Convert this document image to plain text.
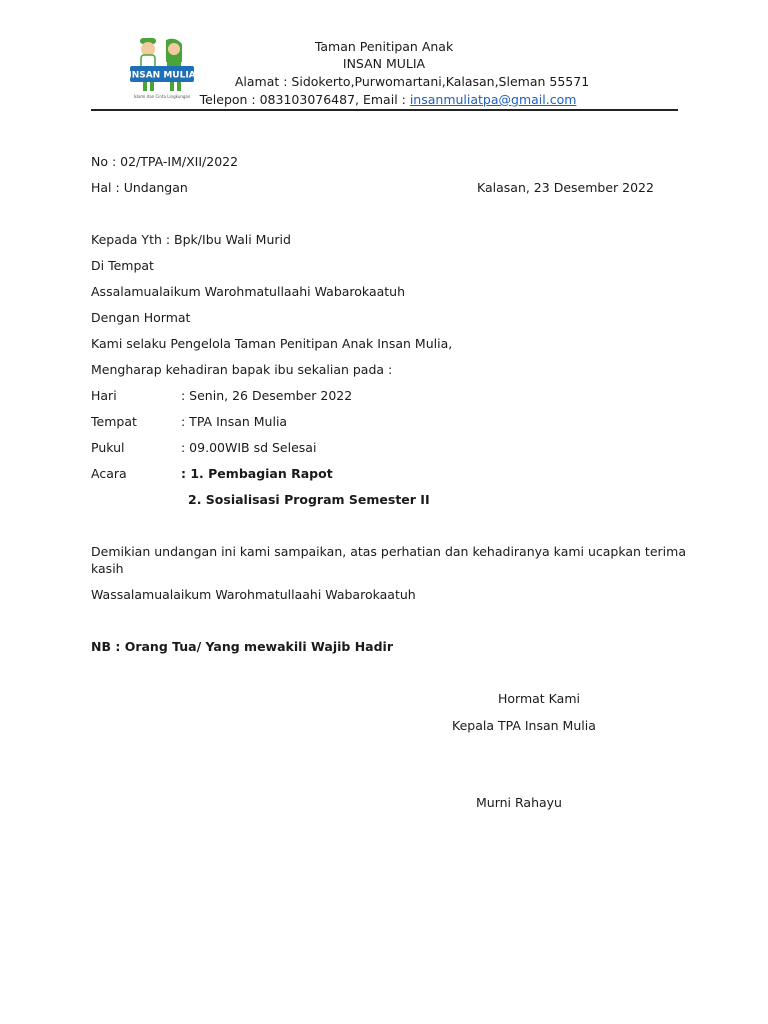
INSAN MULIA
Islami dan Cinta Lingkungan
Taman Penitipan Anak
INSAN MULIA
Alamat : Sidokerto,Purwomartani,Kalasan,Sleman 55571
Telepon : 083103076487, Email : insanmuliatpa@gmail.com
No : 02/TPA-IM/XII/2022
Hal : Undangan	Kalasan, 23 Desember 2022
Kepada Yth : Bpk/Ibu Wali Murid
Di Tempat
Assalamualaikum Warohmatullaahi Wabarokaatuh
Dengan Hormat
Kami selaku Pengelola Taman Penitipan Anak Insan Mulia,
Mengharap kehadiran bapak ibu sekalian pada :
Hari	: Senin, 26 Desember 2022
Tempat	: TPA Insan Mulia
Pukul	: 09.00WIB sd Selesai
Acara	: 1. Pembagian Rapot
2. Sosialisasi Program Semester II
Demikian undangan ini kami sampaikan, atas perhatian dan kehadiranya kami ucapkan terima
kasih
Wassalamualaikum Warohmatullaahi Wabarokaatuh
NB : Orang Tua/ Yang mewakili Wajib Hadir
Hormat Kami
Kepala TPA Insan Mulia
Murni Rahayu
